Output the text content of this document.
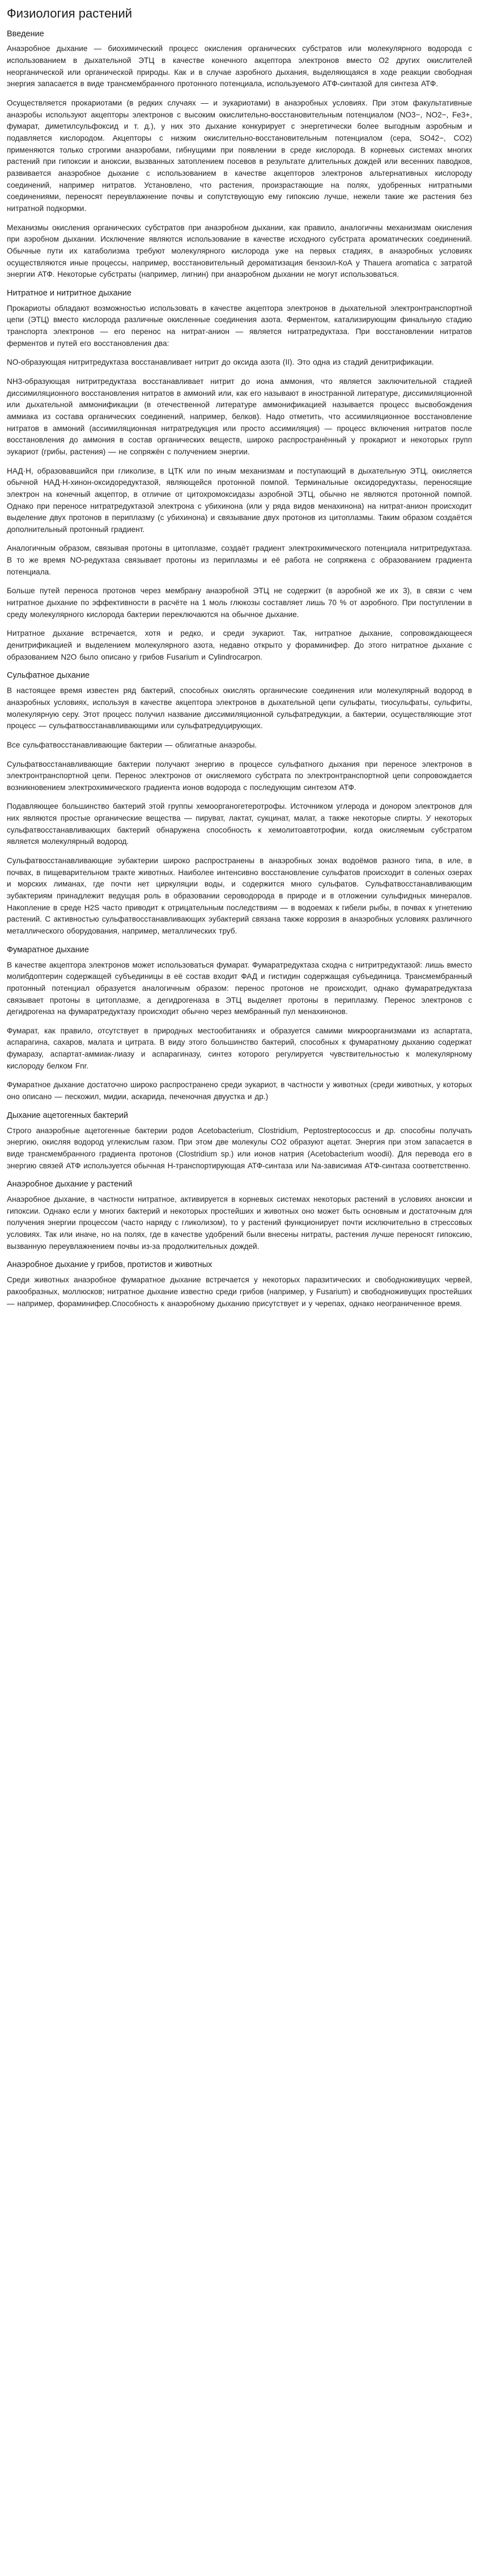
Физиология растений
Введение

Анаэробное дыхание — биохимический процесс окисления органических субстратов или молекулярного водорода с использованием в дыхательной ЭТЦ в качестве конечного акцептора электронов вместо O2 других окислителей неорганической или органической природы. Как и в случае аэробного дыхания, выделяющаяся в ходе реакции свободная энергия запасается в виде трансмембранного протонного потенциала, используемого АТФ-синтазой для синтеза АТФ.

Осуществляется прокариотами (в редких случаях — и эукариотами) в анаэробных условиях. При этом факультативные анаэробы используют акцепторы электронов с высоким окислительно-восстановительным потенциалом (NO3−, NO2−, Fe3+, фумарат, диметилсульфоксид и т. д.), у них это дыхание конкурирует с энергетически более выгодным аэробным и подавляется кислородом. Акцепторы с низким окислительно-восстановительным потенциалом (сера, SO42−, CO2) применяются только строгими анаэробами, гибнущими при появлении в среде кислорода. В корневых системах многих растений при гипоксии и аноксии, вызванных затоплением посевов в результате длительных дождей или весенних паводков, развивается анаэробное дыхание с использованием в качестве акцепторов электронов альтернативных кислороду соединений, например нитратов. Установлено, что растения, произрастающие на полях, удобренных нитратными соединениями, переносят переувлажнение почвы и сопутствующую ему гипоксию лучше, нежели такие же растения без нитратной подкормки.

Механизмы окисления органических субстратов при анаэробном дыхании, как правило, аналогичны механизмам окисления при аэробном дыхании. Исключение являются использование в качестве исходного субстрата ароматических соединений. Обычные пути их катаболизма требуют молекулярного кислорода уже на первых стадиях, в анаэробных условиях осуществляются иные процессы, например, восстановительный дероматизация бензоил-КоА у Thauera aromatica с затратой энергии АТФ. Некоторые субстраты (например, лигнин) при анаэробном дыхании не могут использоваться.

Нитратное и нитритное дыхание

Прокариоты обладают возможностью использовать в качестве акцептора электронов в дыхательной электронтранспортной цепи (ЭТЦ) вместо кислорода различные окисленные соединения азота. Ферментом, катализирующим финальную стадию транспорта электронов — его перенос на нитрат-анион — является нитратредуктаза. При восстановлении нитратов ферментов и путей его восстановления два:

NO-образующая нитритредуктаза восстанавливает нитрит до оксида азота (II). Это одна из стадий денитрификации.

NH3-образующая нитритредуктаза восстанавливает нитрит до иона аммония, что является заключительной стадией диссимиляционного восстановления нитратов в аммоний или, как его называют в иностранной литературе, диссимиляционной или дыхательной аммонификации (в отечественной литературе аммонификацией называется процесс высвобождения аммиака из состава органических соединений, например, белков). Надо отметить, что ассимиляционное восстановление нитратов в аммоний (ассимиляционная нитратредукция или просто ассимиляция) — процесс включения нитратов после восстановления до аммония в состав органических веществ, широко распространённый у прокариот и некоторых групп эукариот (грибы, растения) — не сопряжён с получением энергии.

НАД·Н, образовавшийся при гликолизе, в ЦТК или по иным механизмам и поступающий в дыхательную ЭТЦ, окисляется обычной НАД·Н-хинон-оксидоредуктазой, являющейся протонной помпой. Терминальные оксидоредуктазы, переносящие электрон на конечный акцептор, в отличие от цитохромоксидазы аэробной ЭТЦ, обычно не являются протонной помпой. Однако при переносе нитратредуктазой электрона с убихинона (или у ряда видов менахинона) на нитрат-анион происходит выделение двух протонов в периплазму (с убихинона) и связывание двух протонов из цитоплазмы. Таким образом создаётся дополнительный протонный градиент.

Аналогичным образом, связывая протоны в цитоплазме, создаёт градиент электрохимического потенциала нитритредуктаза. В то же время NO-редуктаза связывает протоны из периплазмы и её работа не сопряжена с образованием градиента потенциала.

Больше путей переноса протонов через мембрану анаэробной ЭТЦ не содержит (в аэробной же их 3), в связи с чем нитратное дыхание по эффективности в расчёте на 1 моль глюкозы составляет лишь 70 % от аэробного. При поступлении в среду молекулярного кислорода бактерии переключаются на обычное дыхание.

Нитратное дыхание встречается, хотя и редко, и среди эукариот. Так, нитратное дыхание, сопровождающееся денитрификацией и выделением молекулярного азота, недавно открыто у фораминифер. До этого нитратное дыхание с образованием N2O было описано у грибов Fusarium и Cylindrocarpon.

Сульфатное дыхание

В настоящее время известен ряд бактерий, способных окислять органические соединения или молекулярный водород в анаэробных условиях, используя в качестве акцептора электронов в дыхательной цепи сульфаты, тиосульфаты, сульфиты, молекулярную серу. Этот процесс получил название диссимиляционной сульфатредукции, а бактерии, осуществляющие этот процесс — сульфатвосстанавливающими или сульфатредуцирующих.

Все сульфатвосстанавливающие бактерии — облигатные анаэробы.

Сульфатвосстанавливающие бактерии получают энергию в процессе сульфатного дыхания при переносе электронов в электронтранспортной цепи. Перенос электронов от окисляемого субстрата по электронтранспортной цепи сопровождается возникновением электрохимического градиента ионов водорода с последующим синтезом АТФ.

Подавляющее большинство бактерий этой группы хемоорганогетеротрофы. Источником углерода и донором электронов для них являются простые органические вещества — пируват, лактат, сукцинат, малат, а также некоторые спирты. У некоторых сульфатвосстанавливающих бактерий обнаружена способность к хемолитоавтотрофии, когда окисляемым субстратом является молекулярный водород.

Сульфатвосстанавливающие эубактерии широко распространены в анаэробных зонах водоёмов разного типа, в иле, в почвах, в пищеварительном тракте животных. Наиболее интенсивно восстановление сульфатов происходит в соленых озерах и морских лиманах, где почти нет циркуляции воды, и содержится много сульфатов. Сульфатвосстанавливающим эубактериям принадлежит ведущая роль в образовании сероводорода в природе и в отложении сульфидных минералов. Накопление в среде H2S часто приводит к отрицательным последствиям — в водоемах к гибели рыбы, в почвах к угнетению растений. С активностью сульфатвосстанавливающих эубактерий связана также коррозия в анаэробных условиях различного металлического оборудования, например, металлических труб.

Фумаратное дыхание

В качестве акцептора электронов может использоваться фумарат. Фумаратредуктаза сходна с нитритредуктазой: лишь вместо молибдоптерин содержащей субъединицы в её состав входит ФАД и гистидин содержащая субъединица. Трансмембранный протонный потенциал образуется аналогичным образом: перенос протонов не происходит, однако фумаратредуктаза связывает протоны в цитоплазме, а дегидрогеназа в ЭТЦ выделяет протоны в периплазму. Перенос электронов с дегидрогеназ на фумаратредуктазу происходит обычно через мембранный пул менахинонов.

Фумарат, как правило, отсутствует в природных местообитаниях и образуется самими микроорганизмами из аспартата, аспарагина, сахаров, малата и цитрата. В виду этого большинство бактерий, способных к фумаратному дыханию содержат фумаразу, аспартат-аммиак-лиазу и аспарагиназу, синтез которого регулируется чувствительностью к молекулярному кислороду белком Fnr.

Фумаратное дыхание достаточно широко распространено среди эукариот, в частности у животных (среди животных, у которых оно описано — пескожил, мидии, аскарида, печеночная двуустка и др.)

Дыхание ацетогенных бактерий

Строго анаэробные ацетогенные бактерии родов Acetobacterium, Clostridium, Peptostreptococcus и др. способны получать энергию, окисляя водород углекислым газом. При этом две молекулы CO2 образуют ацетат. Энергия при этом запасается в виде трансмембранного градиента протонов (Clostridium sp.) или ионов натрия (Acetobacterium woodii). Для перевода его в энергию связей АТФ используется обычная H-транспортирующая АТФ-синтаза или Na-зависимая АТФ-синтаза соответственно.

Анаэробное дыхание у растений

Анаэробное дыхание, в частности нитратное, активируется в корневых системах некоторых растений в условиях аноксии и гипоксии. Однако если у многих бактерий и некоторых простейших и животных оно может быть основным и достаточным для получения энергии процессом (часто наряду с гликолизом), то у растений функционирует почти исключительно в стрессовых условиях. Так или иначе, но на полях, где в качестве удобрений были внесены нитраты, растения лучше переносят гипоксию, вызванную переувлажнением почвы из-за продолжительных дождей.

Анаэробное дыхание у грибов, протистов и животных

Среди животных анаэробное фумаратное дыхание встречается у некоторых паразитических и свободноживущих червей, ракообразных, моллюсков; нитратное дыхание известно среди грибов (например, у Fusarium) и свободноживущих простейших — например, фораминифер.Способность к анаэробному дыханию присутствует и у черепах, однако неограниченное время.
